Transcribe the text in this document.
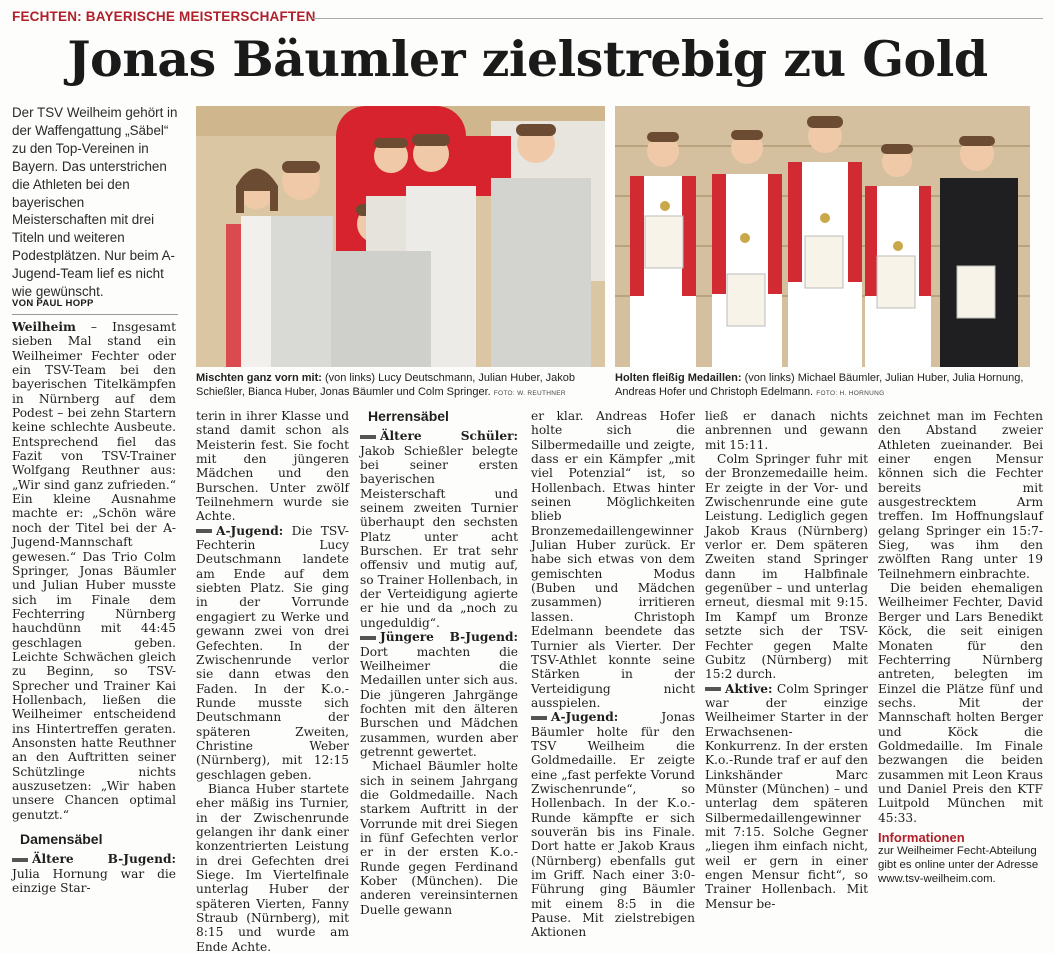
FECHTEN: BAYERISCHE MEISTERSCHAFTEN
Jonas Bäumler zielstrebig zu Gold
Der TSV Weilheim gehört in der Waffengattung „Säbel“ zu den Top-Vereinen in Bayern. Das unterstrichen die Athleten bei den bayerischen Meisterschaften mit drei Titeln und weiteren Podestplätzen. Nur beim A-Jugend-Team lief es nicht wie gewünscht.
VON PAUL HOPP
Mischten ganz vorn mit: (von links) Lucy Deutschmann, Julian Huber, Jakob Schießler, Bianca Huber, Jonas Bäumler und Colm Springer. FOTO: W. REUTHNER
Holten fleißig Medaillen: (von links) Michael Bäumler, Julian Huber, Julia Hornung, Andreas Hofer und Christoph Edelmann. FOTO: H. HORNUNG

Weilheim – Insgesamt sieben Mal stand ein Weilheimer Fechter oder ein TSV-Team bei den bayerischen Titelkämpfen in Nürnberg auf dem Podest – bei zehn Startern keine schlechte Ausbeute. Entsprechend fiel das Fazit von TSV-Trainer Wolfgang Reuthner aus: „Wir sind ganz zufrieden.“ Ein kleine Ausnahme machte er: „Schön wäre noch der Titel bei der A-Jugend-Mannschaft gewesen.“ Das Trio Colm Springer, Jonas Bäumler und Julian Huber musste sich im Finale dem Fechterring Nürnberg hauchdünn mit 44:45 geschlagen geben. Leichte Schwächen gleich zu Beginn, so TSV-Sprecher und Trainer Kai Hollenbach, ließen die Weilheimer entscheidend ins Hintertreffen geraten. Ansonsten hatte Reuthner an den Auftritten seiner Schützlinge nichts auszusetzen: „Wir haben unsere Chancen optimal genutzt.“

Damensäbel

Ältere B-Jugend: Julia Hornung war die einzige Star-

terin in ihrer Klasse und stand damit schon als Meisterin fest. Sie focht mit den jüngeren Mädchen und den Burschen. Unter zwölf Teilnehmern wurde sie Achte.

A-Jugend: Die TSV-Fechterin Lucy Deutschmann landete am Ende auf dem siebten Platz. Sie ging in der Vorrunde engagiert zu Werke und gewann zwei von drei Gefechten. In der Zwischenrunde verlor sie dann etwas den Faden. In der K.o.-Runde musste sich Deutschmann der späteren Zweiten, Christine Weber (Nürnberg), mit 12:15 geschlagen geben.

Bianca Huber startete eher mäßig ins Turnier, in der Zwischenrunde gelangen ihr dank einer konzentrierten Leistung in drei Gefechten drei Siege. Im Viertelfinale unterlag Huber der späteren Vierten, Fanny Straub (Nürnberg), mit 8:15 und wurde am Ende Achte.

Herrensäbel

Ältere Schüler: Jakob Schießler belegte bei seiner ersten bayerischen Meisterschaft und seinem zweiten Turnier überhaupt den sechsten Platz unter acht Burschen. Er trat sehr offensiv und mutig auf, so Trainer Hollenbach, in der Verteidigung agierte er hie und da „noch zu ungeduldig“.

Jüngere B-Jugend: Dort machten die Weilheimer die Medaillen unter sich aus. Die jüngeren Jahrgänge fochten mit den älteren Burschen und Mädchen zusammen, wurden aber getrennt gewertet.

Michael Bäumler holte sich in seinem Jahrgang die Goldmedaille. Nach starkem Auftritt in der Vorrunde mit drei Siegen in fünf Gefechten verlor er in der ersten K.o.-Runde gegen Ferdinand Kober (München). Die anderen vereinsinternen Duelle gewann

er klar. Andreas Hofer holte sich die Silbermedaille und zeigte, dass er ein Kämpfer „mit viel Potenzial“ ist, so Hollenbach. Etwas hinter seinen Möglichkeiten blieb Bronzemedaillengewinner Julian Huber zurück. Er habe sich etwas von dem gemischten Modus (Buben und Mädchen zusammen) irritieren lassen. Christoph Edelmann beendete das Turnier als Vierter. Der TSV-Athlet konnte seine Stärken in der Verteidigung nicht ausspielen.

A-Jugend: Jonas Bäumler holte für den TSV Weilheim die Goldmedaille. Er zeigte eine „fast perfekte Vorund Zwischenrunde“, so Hollenbach. In der K.o.-Runde kämpfte er sich souverän bis ins Finale. Dort hatte er Jakob Kraus (Nürnberg) ebenfalls gut im Griff. Nach einer 3:0-Führung ging Bäumler mit einem 8:5 in die Pause. Mit zielstrebigen Aktionen

ließ er danach nichts anbrennen und gewann mit 15:11.

Colm Springer fuhr mit der Bronzemedaille heim. Er zeigte in der Vor- und Zwischenrunde eine gute Leistung. Lediglich gegen Jakob Kraus (Nürnberg) verlor er. Dem späteren Zweiten stand Springer dann im Halbfinale gegenüber – und unterlag erneut, diesmal mit 9:15. Im Kampf um Bronze setzte sich der TSV-Fechter gegen Malte Gubitz (Nürnberg) mit 15:2 durch.

Aktive: Colm Springer war der einzige Weilheimer Starter in der Erwachsenen-Konkurrenz. In der ersten K.o.-Runde traf er auf den Linkshänder Marc Münster (München) – und unterlag dem späteren Silbermedaillengewinner mit 7:15. Solche Gegner „liegen ihm einfach nicht, weil er gern in einer engen Mensur ficht“, so Trainer Hollenbach. Mit Mensur be-

zeichnet man im Fechten den Abstand zweier Athleten zueinander. Bei einer engen Mensur können sich die Fechter bereits mit ausgestrecktem Arm treffen. Im Hoffnungslauf gelang Springer ein 15:7-Sieg, was ihm den zwölften Rang unter 19 Teilnehmern einbrachte.

Die beiden ehemaligen Weilheimer Fechter, David Berger und Lars Benedikt Köck, die seit einigen Monaten für den Fechterring Nürnberg antreten, belegten im Einzel die Plätze fünf und sechs. Mit der Mannschaft holten Berger und Köck die Goldmedaille. Im Finale bezwangen die beiden zusammen mit Leon Kraus und Daniel Preis den KTF Luitpold München mit 45:33.

Informationen
zur Weilheimer Fecht-Abteilung gibt es online unter der Adresse www.tsv-weilheim.com.
